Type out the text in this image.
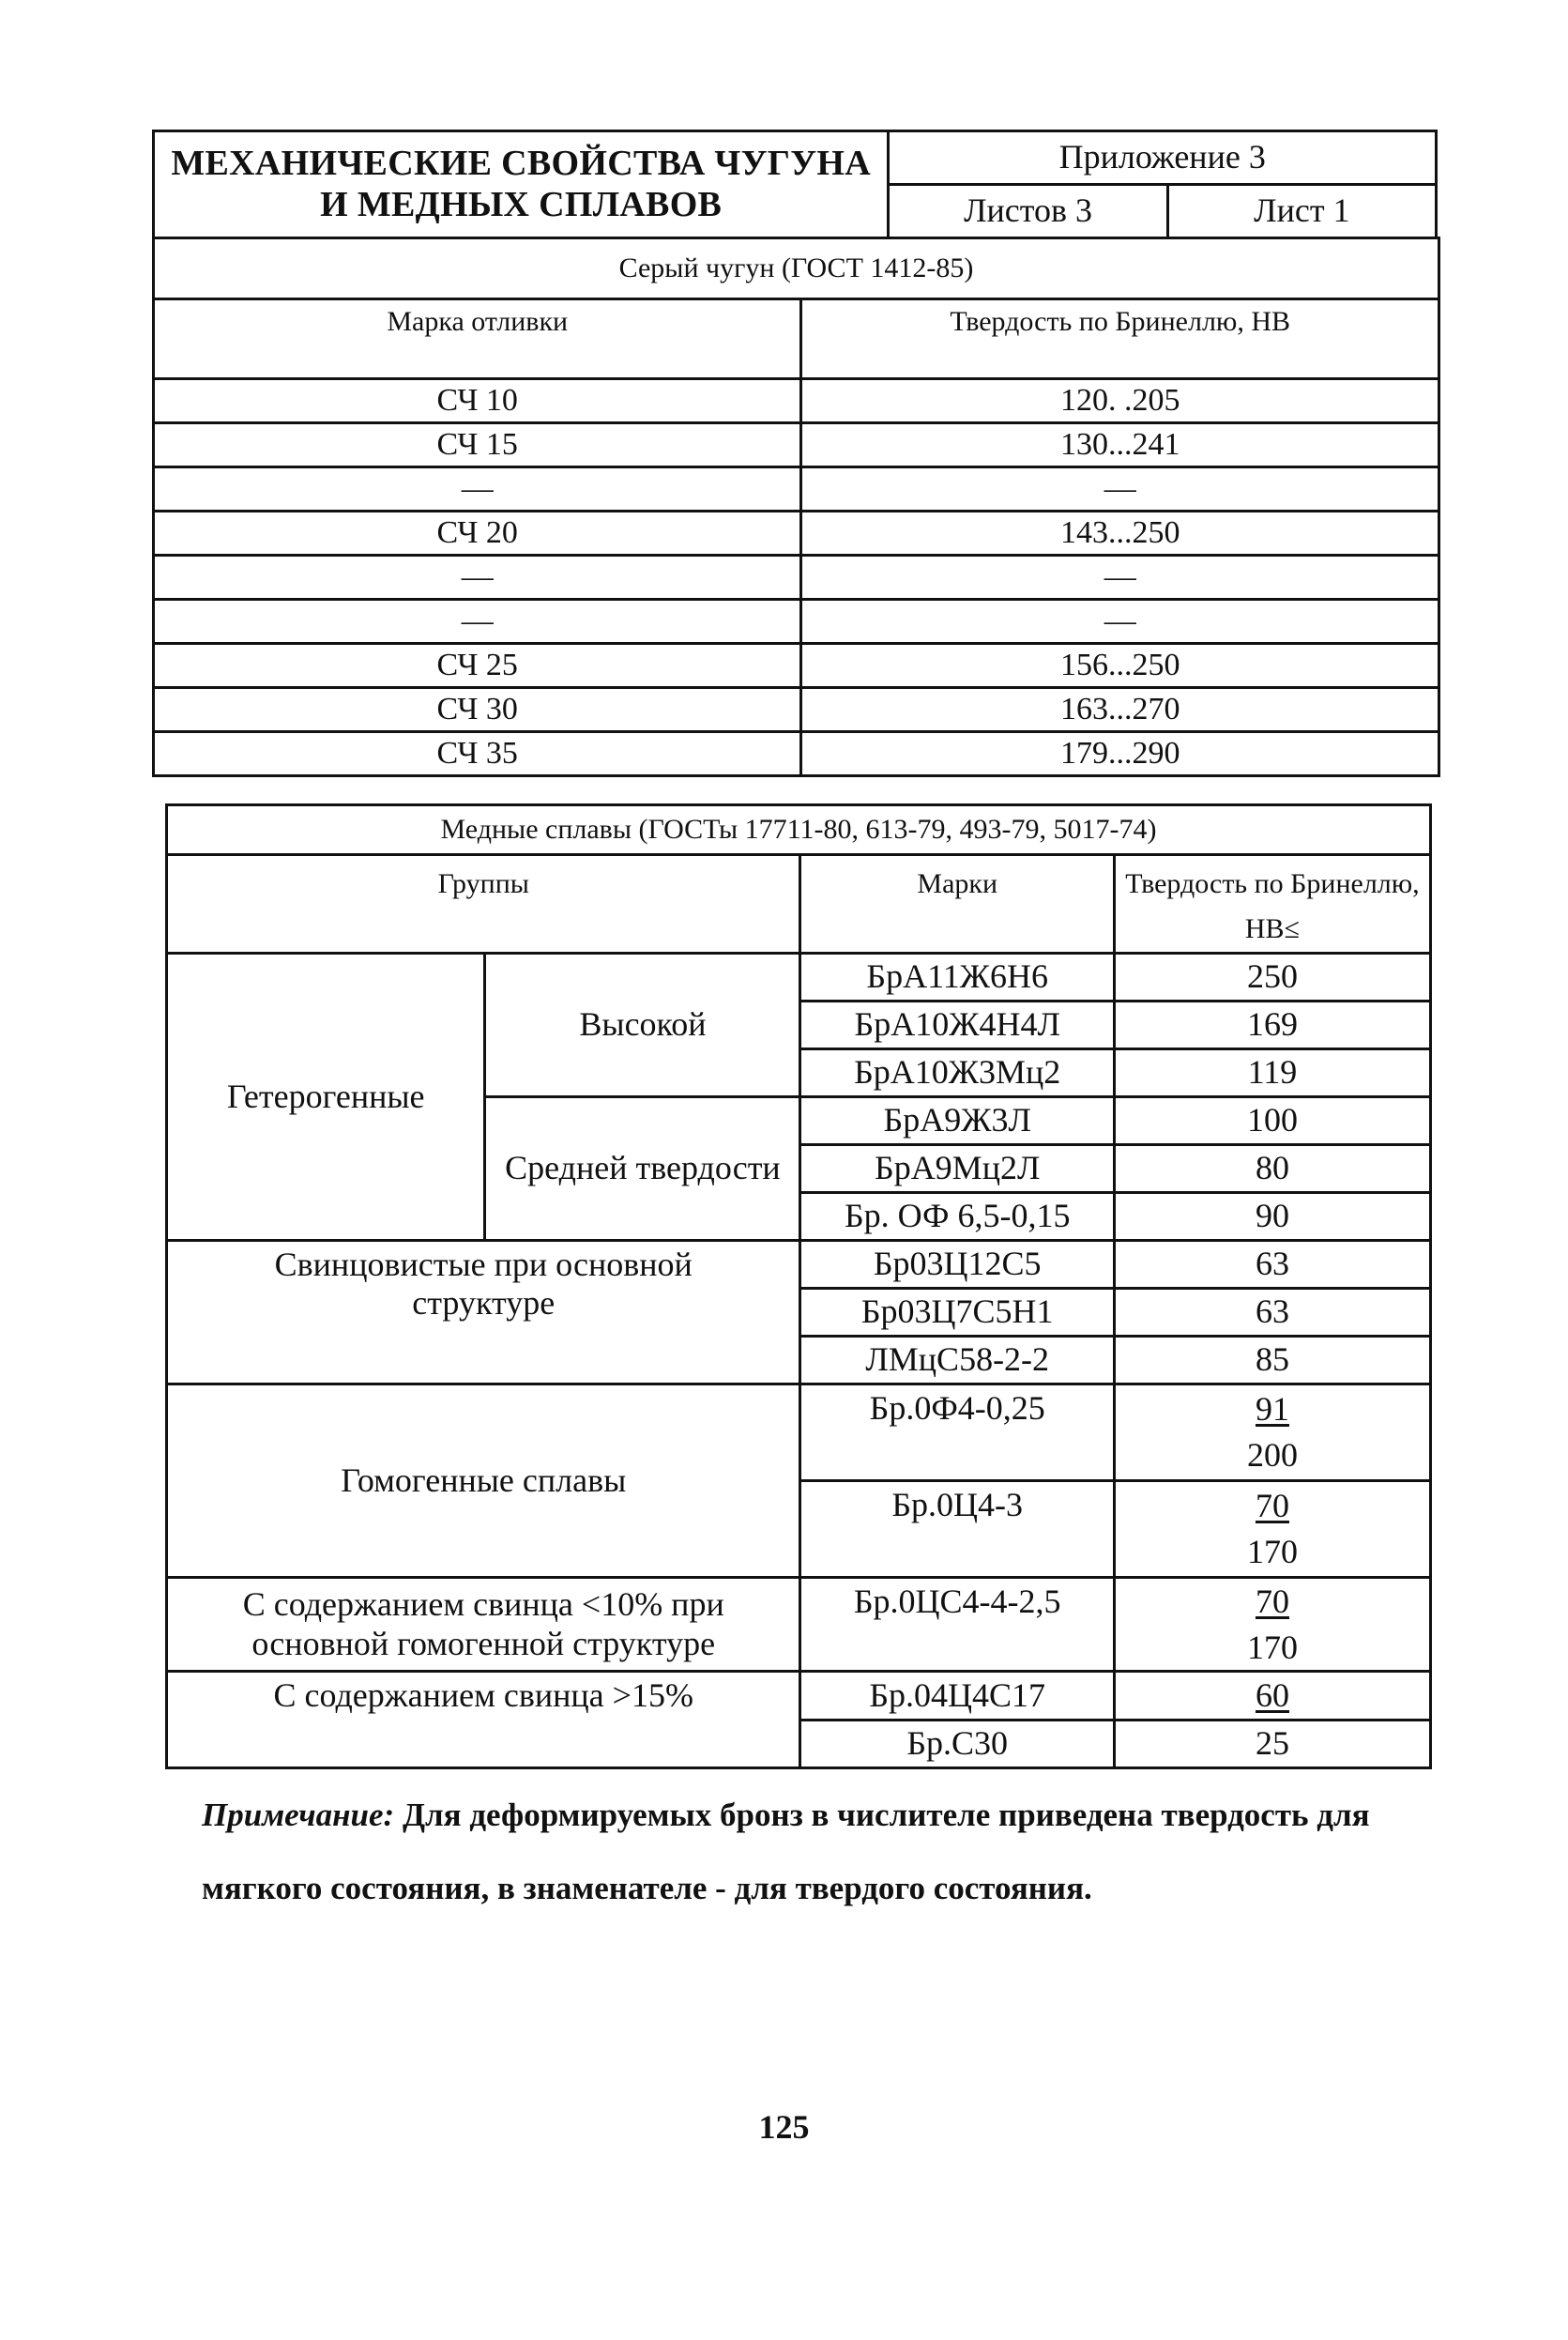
МЕХАНИЧЕСКИЕ СВОЙСТВА ЧУГУНА
И МЕДНЫХ СПЛАВОВ	Приложение 3	
	Листов 3	Лист 1
Серый чугун (ГОСТ 1412-85)	
Марка отливки	Твердость по Бринеллю, НВ
СЧ 10	120. .205
СЧ 15	130...241
—	—
СЧ 20	143...250
—	—
—	—
СЧ 25	156...250
СЧ 30	163...270
СЧ 35	179...290
Медные сплавы (ГОСТы 17711-80, 613-79, 493-79, 5017-74)			
Группы		Марки	Твердость по Бринеллю, НВ≤
Гетерогенные	Высокой	БрА11Ж6Н6	250
		БрА10Ж4Н4Л	169
		БрА10Ж3Мц2	119
	Средней твердости	БрА9Ж3Л	100
		БрА9Мц2Л	80
		Бр. ОФ 6,5-0,15	90
Свинцовистые при основной структуре		Бр03Ц12С5	63
		Бр03Ц7С5Н1	63
		ЛМцС58-2-2	85
Гомогенные сплавы		Бр.0Ф4-0,25	$\frac{91}{200}$

		Бр.0Ц4-3	$\frac{70}{170}$

С содержанием свинца <10% при основной гомогенной структуре		Бр.0ЦС4-4-2,5	$\frac{70}{170}$

С содержанием свинца >15%		Бр.04Ц4С17	60

		Бр.С30	25

Примечание: Для деформируемых бронз в числителе приведена твердость для мягкого состояния, в знаменателе - для твердого состояния.

125
